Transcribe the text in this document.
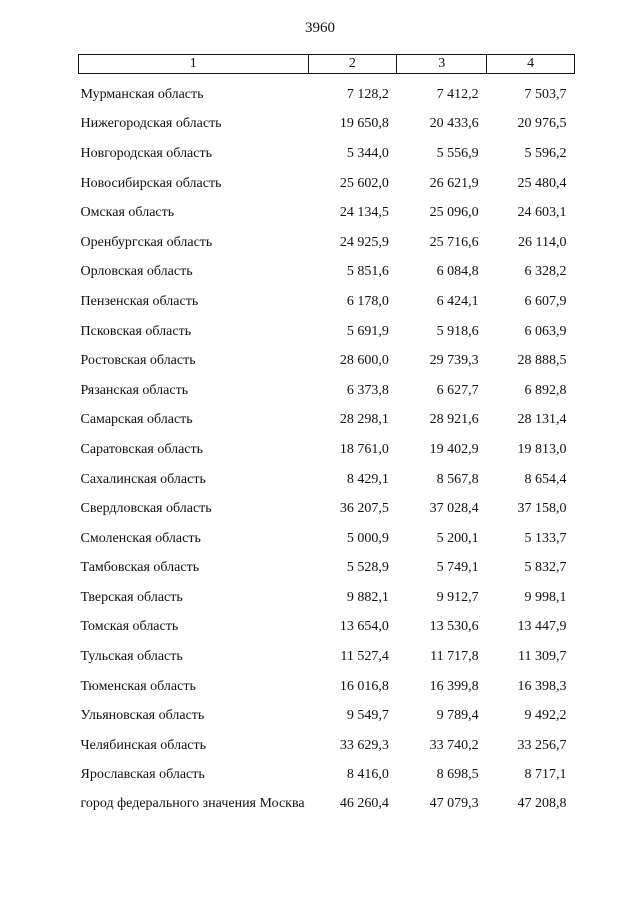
3960
1	2	3	4
Мурманская область	7 128,2	7 412,2	7 503,7
Нижегородская область	19 650,8	20 433,6	20 976,5
Новгородская область	5 344,0	5 556,9	5 596,2
Новосибирская область	25 602,0	26 621,9	25 480,4
Омская область	24 134,5	25 096,0	24 603,1
Оренбургская область	24 925,9	25 716,6	26 114,0
Орловская область	5 851,6	6 084,8	6 328,2
Пензенская область	6 178,0	6 424,1	6 607,9
Псковская область	5 691,9	5 918,6	6 063,9
Ростовская область	28 600,0	29 739,3	28 888,5
Рязанская область	6 373,8	6 627,7	6 892,8
Самарская область	28 298,1	28 921,6	28 131,4
Саратовская область	18 761,0	19 402,9	19 813,0
Сахалинская область	8 429,1	8 567,8	8 654,4
Свердловская область	36 207,5	37 028,4	37 158,0
Смоленская область	5 000,9	5 200,1	5 133,7
Тамбовская область	5 528,9	5 749,1	5 832,7
Тверская область	9 882,1	9 912,7	9 998,1
Томская область	13 654,0	13 530,6	13 447,9
Тульская область	11 527,4	11 717,8	11 309,7
Тюменская область	16 016,8	16 399,8	16 398,3
Ульяновская область	9 549,7	9 789,4	9 492,2
Челябинская область	33 629,3	33 740,2	33 256,7
Ярославская область	8 416,0	8 698,5	8 717,1
город федерального значения Москва	46 260,4	47 079,3	47 208,8
